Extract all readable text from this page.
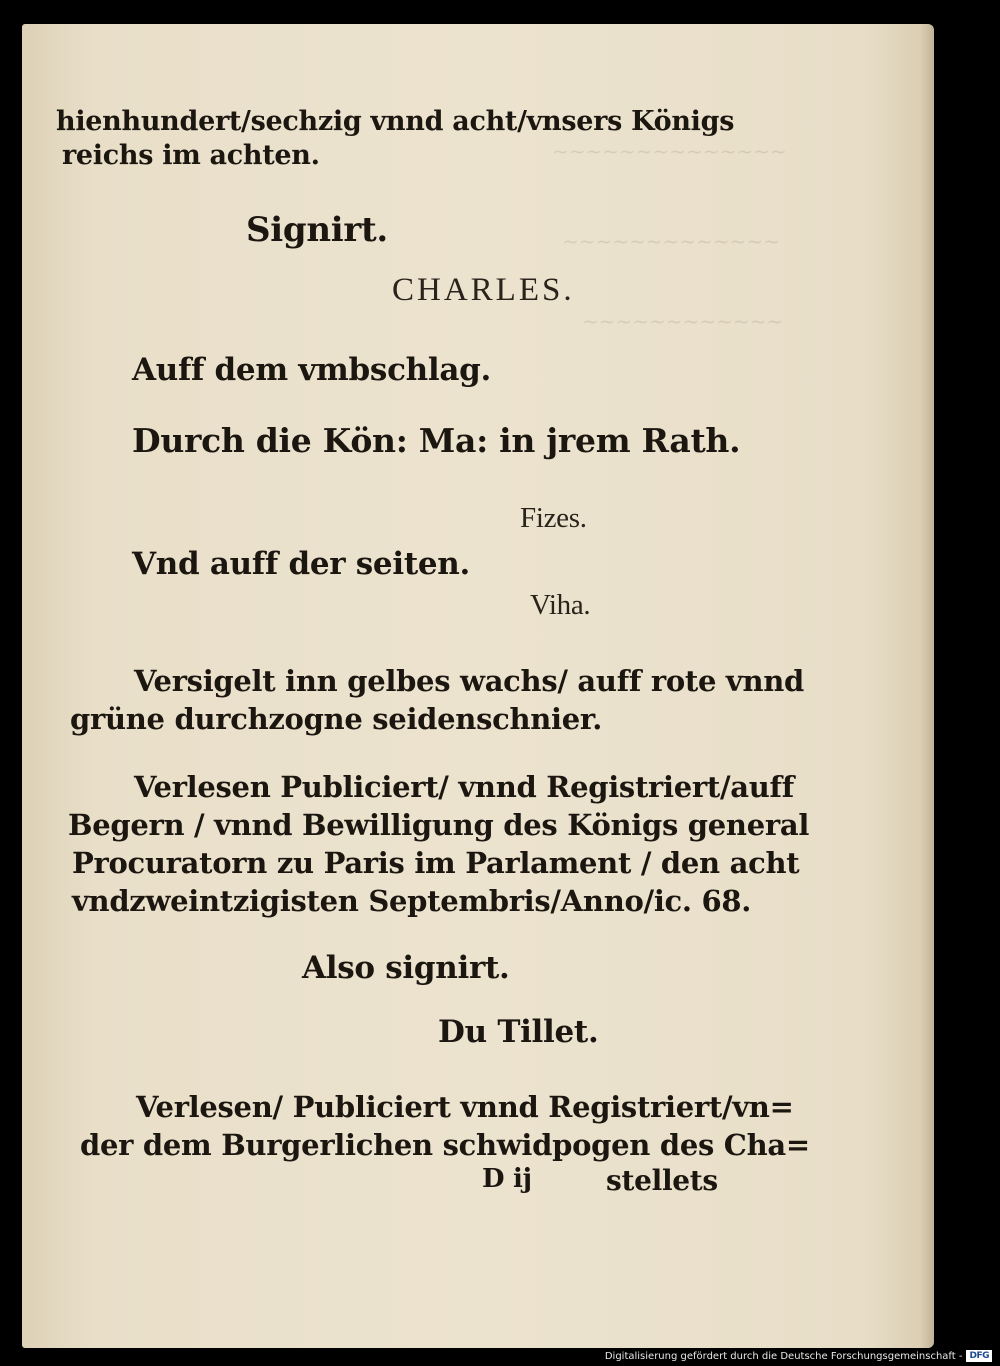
~~~~~~~~~~~~~~
~~~~~~~~~~~~~
~~~~~~~~~~~~
hienhundert/sechzig vnnd acht/vnsers Königs
reichs im achten.
Signirt.
CHARLES.
Auff dem vmbschlag.
Durch die Kön: Ma: in jrem Rath.
Fizes.
Vnd auff der seiten.
Viha.
Versigelt inn gelbes wachs/ auff rote vnnd
grüne durchzogne seidenschnier.
Verlesen Publiciert/ vnnd Registriert/auff
Begern / vnnd Bewilligung des Königs general
Procuratorn zu Paris im Parlament / den acht
vndzweintzigisten Septembris/Anno/ic. 68.
Also signirt.
Du Tillet.
Verlesen/ Publiciert vnnd Registriert/vn=
der dem Burgerlichen schwidpogen des Cha=
D ij	stellets
Digitalisierung gefördert durch die Deutsche Forschungsgemeinschaft - DFG
